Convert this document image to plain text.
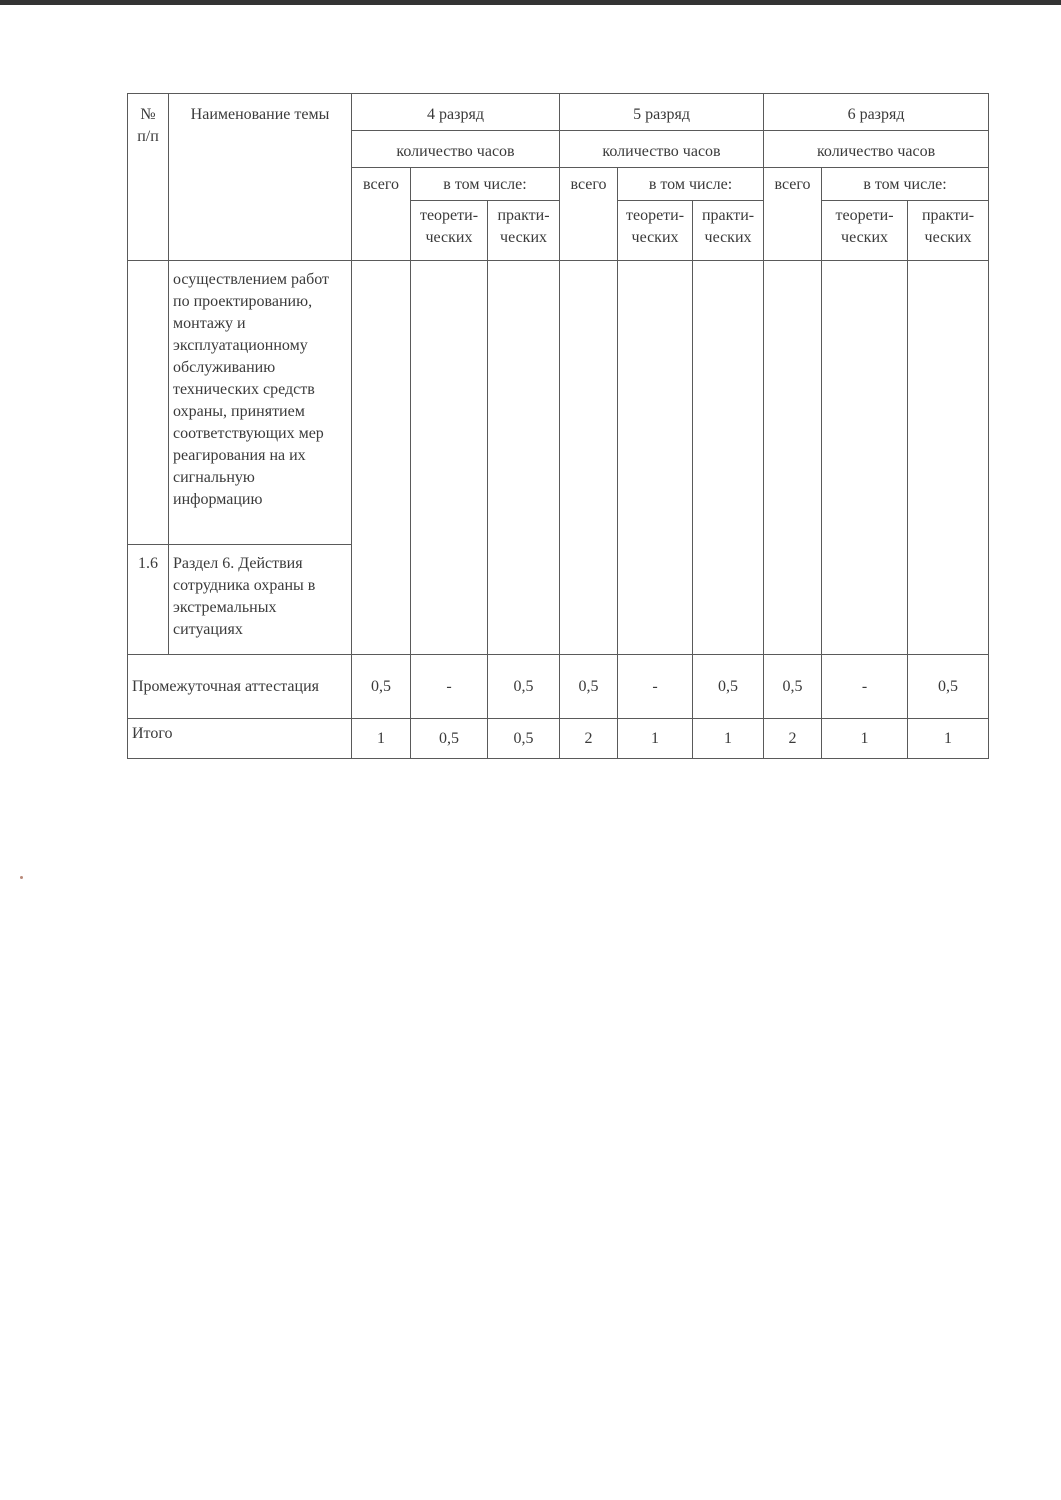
№ п/п	Наименование темы	4 разряд			5 разряд			6 разряд		
		количество часов			количество часов			количество часов		
		всего	в том числе:		всего	в том числе:		всего	в том числе:	
			теорети-ческих	практи-ческих		теорети-ческих	практи-ческих		теорети-ческих	практи-ческих
	осуществлением работ по проектированию, монтажу и эксплуатационному обслуживанию технических средств охраны, принятием соответствующих мер реагирования на их сигнальную информацию									
1.6	Раздел 6. Действия сотрудника охраны в экстремальных ситуациях									
Промежуточная аттестация		0,5	-	0,5	0,5	-	0,5	0,5	-	0,5
Итого		1	0,5	0,5	2	1	1	2	1	1
